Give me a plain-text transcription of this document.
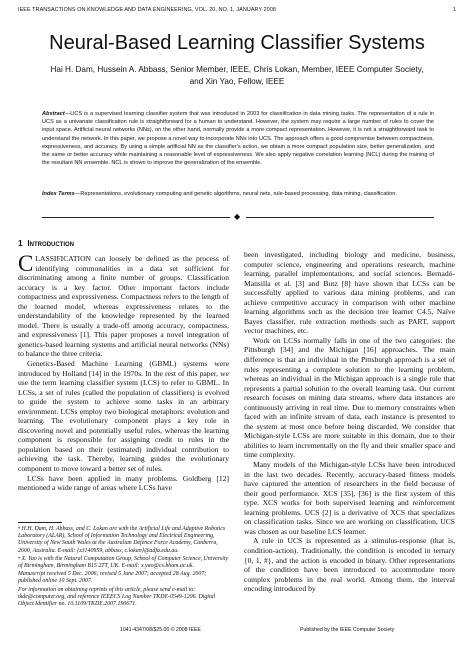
IEEE TRANSACTIONS ON KNOWLEDGE AND DATA ENGINEERING, VOL. 20, NO. 1, JANUARY 2008	1
Neural-Based Learning Classifier Systems
Hai H. Dam, Hussein A. Abbass, Senior Member, IEEE, Chris Lokan, Member, IEEE Computer Society,
and Xin Yao, Fellow, IEEE
Abstract—UCS is a supervised learning classifier system that was introduced in 2003 for classification in data mining tasks. The representation of a rule in UCS as a univariate classification rule is straightforward for a human to understand. However, the system may require a large number of rules to cover the input space. Artificial neural networks (NNs), on the other hand, normally provide a more compact representation. However, it is not a straightforward task to understand the network. In this paper, we propose a novel way to incorporate NNs into UCS. The approach offers a good compromise between compactness, expressiveness, and accuracy. By using a simple artificial NN as the classifier's action, we obtain a more compact population size, better generalization, and the same or better accuracy while maintaining a reasonable level of expressiveness. We also apply negative correlation learning (NCL) during the training of the resultant NN ensemble. NCL is shown to improve the generalization of the ensemble.
Index Terms—Representations, evolutionary computing and genetic algorithms, neural nets, rule-based processing, data mining, classification.
◆
1 Introduction

CLASSIFICATION can loosely be defined as the process of identifying commonalities in a data set sufficient for discriminating among a finite number of groups. Classification accuracy is a key factor. Other important factors include compactness and expressiveness. Compactness refers to the length of the learned model, whereas expressiveness relates to the understandability of the knowledge represented by the learned model. There is usually a trade-off among accuracy, compactness, and expressiveness [1]. This paper proposes a novel integration of genetics-based learning systems and artificial neural networks (NNs) to balance the three criteria.

Genetics-Based Machine Learning (GBML) systems were introduced by Holland [14] in the 1970s. In the rest of this paper, we use the term learning classifier system (LCS) to refer to GBML. In LCSs, a set of rules (called the population of classifiers) is evolved to guide the system to achieve some tasks in an arbitrary environment. LCSs employ two biological metaphors: evolution and learning. The evolutionary component plays a key role in discovering novel and potentially useful rules, whereas the learning component is responsible for assigning credit to rules in the population based on their (estimated) individual contribution to achieving the task. Thereby, learning guides the evolutionary component to move toward a better set of rules.

LCSs have been applied in many problems. Goldberg [12] mentioned a wide range of areas where LCSs have

• H.H. Dam, H. Abbass, and C. Lokan are with the Artificial Life and Adaptive Robotics Laboratory (ALAR), School of Information Technology and Electrical Engineering, University of New South Wales at the Australian Defence Force Academy, Canberra, 2600, Australia. E-mail: {z3140959, abbass, c.lokan}@adfa.edu.au.

• X. Yao is with the Natural Computation Group, School of Computer Science, University of Birmingham, Birmingham B15 2TT, UK. E-mail: x.yao@cs.bham.ac.uk.

Manuscript received 5 Dec. 2006; revised 5 June 2007; accepted 28 Aug. 2007; published online 10 Sept. 2007.

For information on obtaining reprints of this article, please send e-mail to: tkde@computer.org, and reference IEEECS Log Number TKDE-0549-1206. Digital Object Identifier no. 10.1109/TKDE.2007.190671.

been investigated, including biology and medicine, business, computer science, engineering and operations research, machine learning, parallel implementations, and social sciences. Bernadó-Mansilla et al. [3] and Butz [8] have shown that LCSs can be successfully applied to various data mining problems, and can achieve competitive accuracy in comparison with other machine learning algorithms such as the decision tree learner C4.5, Naïve Bayes classifier, rule extraction methods such as PART, support vector machines, etc.

Work on LCSs normally falls in one of the two categories: the Pittsburgh [34] and the Michigan [16] approaches. The main difference is that an individual in the Pittsburgh approach is a set of rules representing a complete solution to the learning problem, whereas an individual in the Michigan approach is a single rule that represents a partial solution to the overall learning task. Our current research focuses on mining data streams, where data instances are continuously arriving in real time. Due to memory constraints when faced with an infinite stream of data, each instance is presented to the system at most once before being discarded. We consider that Michigan-style LCSs are more suitable in this domain, due to their abilities to learn incrementally on the fly and their smaller space and time complexity.

Many models of the Michigan-style LCSs have been introduced in the last two decades. Recently, accuracy-based fitness models have captured the attention of researchers in the field because of their good performance. XCS [35], [36] is the first system of this type. XCS works for both supervised learning and reinforcement learning problems. UCS [2] is a derivative of XCS that specializes on classification tasks. Since we are working on classification, UCS was chosen as our baseline LCS learner.

A rule in UCS is represented as a stimulus-response (that is, condition-action). Traditionally, the condition is encoded in ternary {0, 1, #}, and the action is encoded in binary. Other representations of the condition have been introduced to accommodate more complex problems in the real world. Among them, the interval encoding introduced by

1041-4347/08/$25.00 © 2008 IEEE	Published by the IEEE Computer Society
